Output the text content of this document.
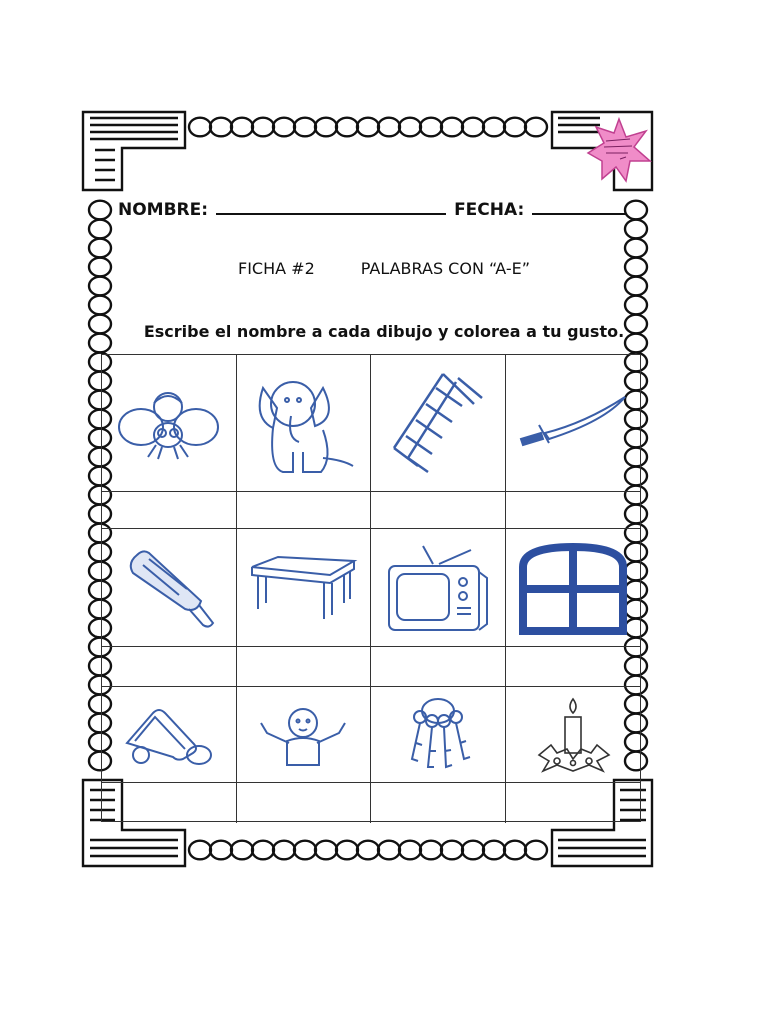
NOMBRE:	FECHA:
FICHA #2	PALABRAS CON “A-E”
Escribe el nombre a cada dibujo y colorea a tu gusto.
